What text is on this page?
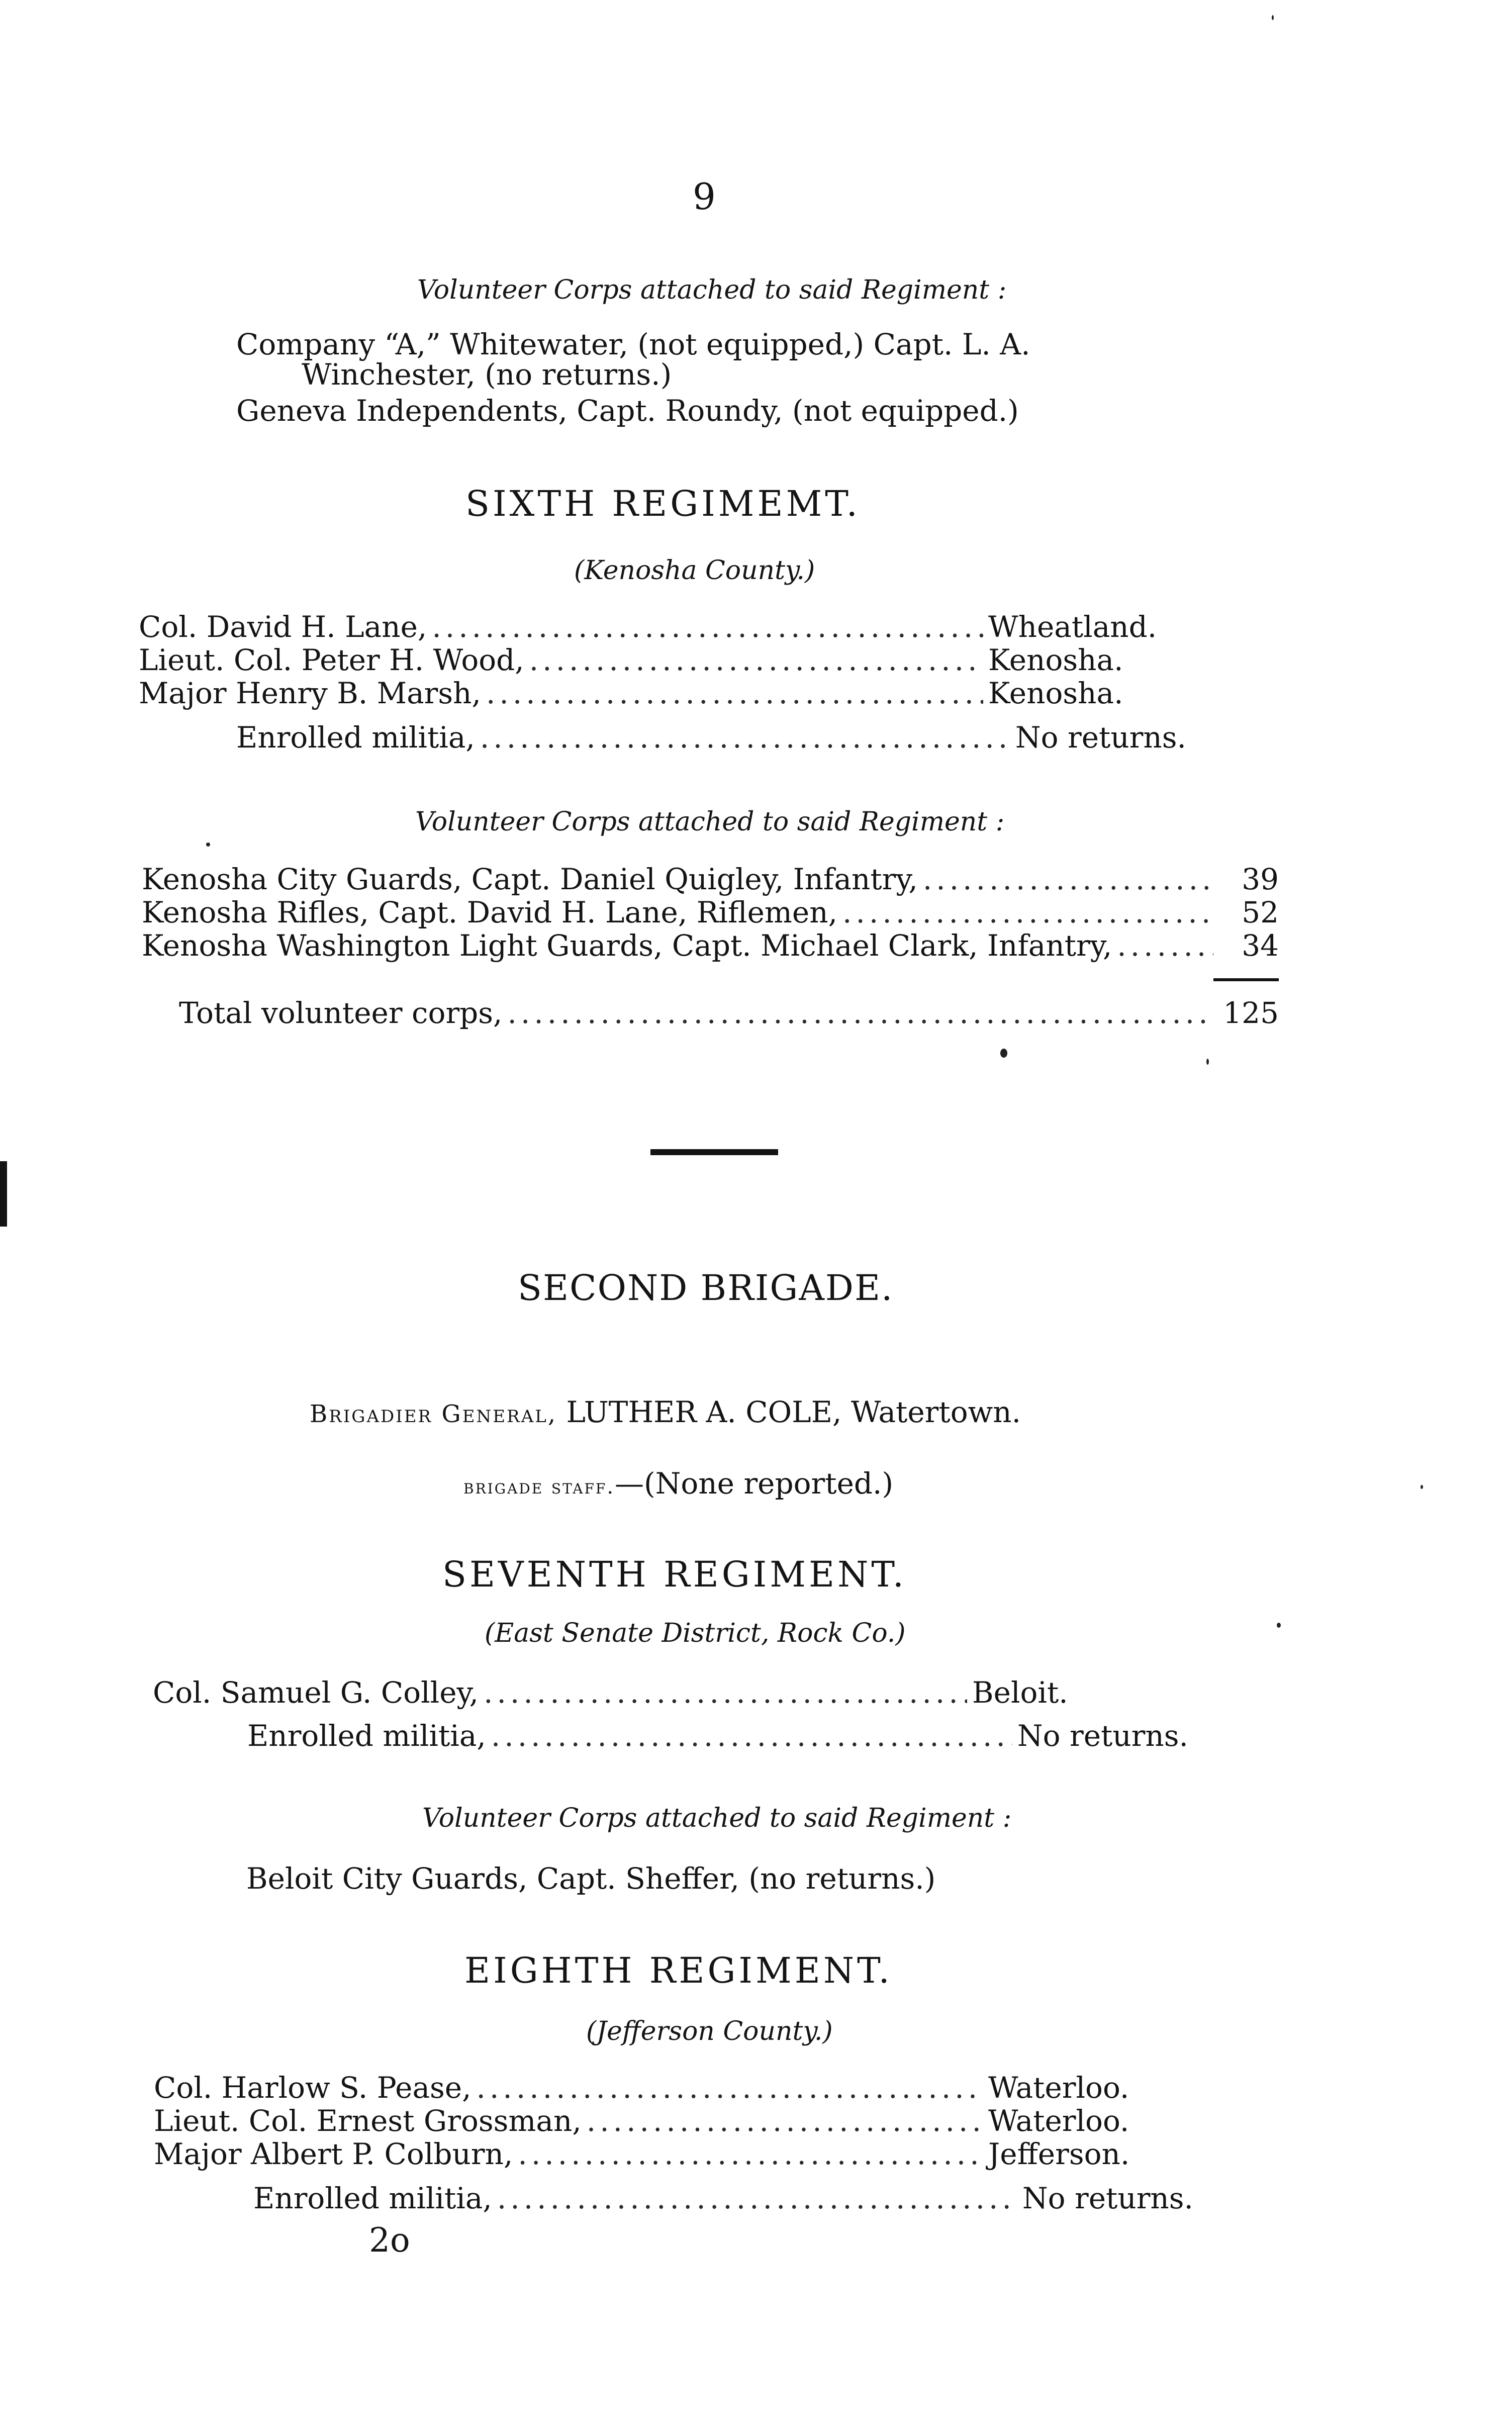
9
Volunteer Corps attached to said Regiment :
Company “A,” Whitewater, (not equipped,) Capt. L. A.
Winchester, (no returns.)
Geneva Independents, Capt. Roundy, (not equipped.)
SIXTH REGIMEMT.
(Kenosha County.)
Col. David H. Lane, .....	Wheatland.
Lieut. Col. Peter H. Wood, .....	Kenosha.
Major Henry B. Marsh, .....	Kenosha.
Enrolled militia, .....	No returns.
Volunteer Corps attached to said Regiment :
Kenosha City Guards, Capt. Daniel Quigley, Infantry, .....	39
Kenosha Rifles, Capt. David H. Lane, Riflemen, .....	52
Kenosha Washington Light Guards, Capt. Michael Clark, Infantry, .....	34
Total volunteer corps, .....	125
SECOND BRIGADE.
Brigadier General, LUTHER A. COLE, Watertown.
brigade staff.—(None reported.)
SEVENTH REGIMENT.
(East Senate District, Rock Co.)
Col. Samuel G. Colley, .....	Beloit.
Enrolled militia, .....	No returns.
Volunteer Corps attached to said Regiment :
Beloit City Guards, Capt. Sheffer, (no returns.)
EIGHTH REGIMENT.
(Jefferson County.)
Col. Harlow S. Pease, .....	Waterloo.
Lieut. Col. Ernest Grossman, .....	Waterloo.
Major Albert P. Colburn, .....	Jefferson.
Enrolled militia, .....	No returns.
2o
